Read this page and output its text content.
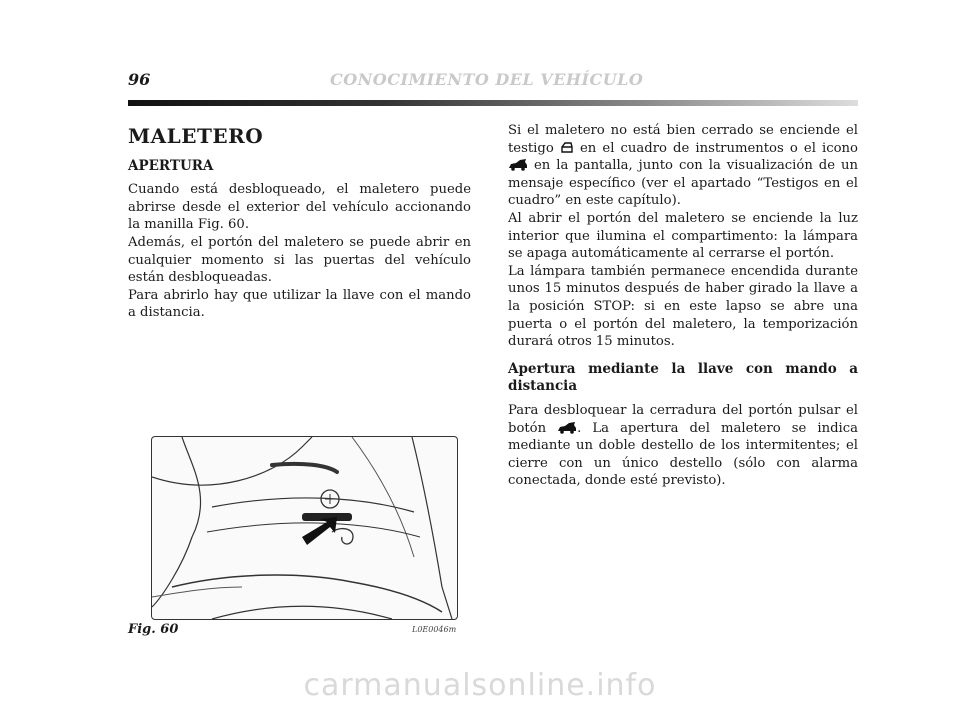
96	CONOCIMIENTO DEL VEHÍCULO
MALETERO
APERTURA

Cuando está desbloqueado, el maletero puede abrirse desde el exterior del vehículo accionando la manilla Fig. 60.

Además, el portón del maletero se puede abrir en cualquier momento si las puertas del vehículo están desbloqueadas.

Para abrirlo hay que utilizar la llave con el mando a distancia.

Si el maletero no está bien cerrado se enciende el testigo en el cuadro de instrumentos o el icono  en la pantalla, junto con la visualización de un mensaje específico (ver el apartado “Testigos en el cuadro” en este capítulo).

Al abrir el portón del maletero se enciende la luz interior que ilumina el compartimento: la lámpara se apaga automáticamente al cerrarse el portón.

La lámpara también permanece encendida durante unos 15 minutos después de haber girado la llave a la posición STOP: si en este lapso se abre una puerta o el portón del maletero, la temporización durará otros 15 minutos.

Apertura mediante la llave con mando a distancia

Para desbloquear la cerradura del portón pulsar el botón . La apertura del maletero se indica mediante un doble destello de los intermitentes; el cierre con un único destello (sólo con alarma conectada, donde esté previsto).

Fig. 60	L0E0046m
carmanualsonline.info
